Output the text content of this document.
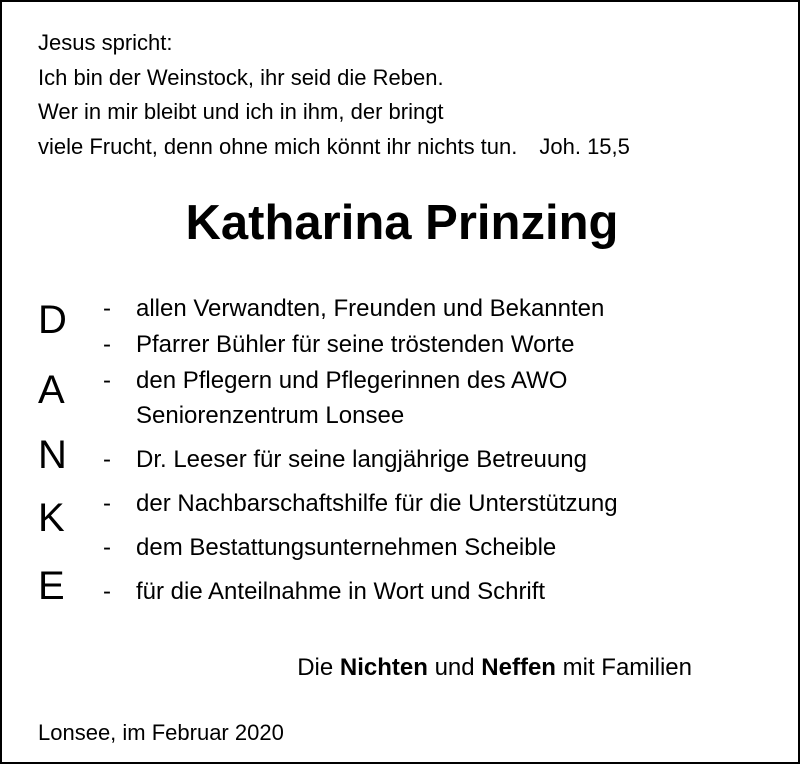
Jesus spricht:
Ich bin der Weinstock, ihr seid die Reben.
Wer in mir bleibt und ich in ihm, der bringt
viele Frucht, denn ohne mich könnt ihr nichts tun. Joh. 15,5
Katharina Prinzing
D
A
N
K
E
- allen Verwandten, Freunden und Bekannten
- Pfarrer Bühler für seine tröstenden Worte
- den Pflegern und Pflegerinnen des AWO
Seniorenzentrum Lonsee
- Dr. Leeser für seine langjährige Betreuung
- der Nachbarschaftshilfe für die Unterstützung
- dem Bestattungsunternehmen Scheible
- für die Anteilnahme in Wort und Schrift
Die Nichten und Neffen mit Familien
Lonsee, im Februar 2020
